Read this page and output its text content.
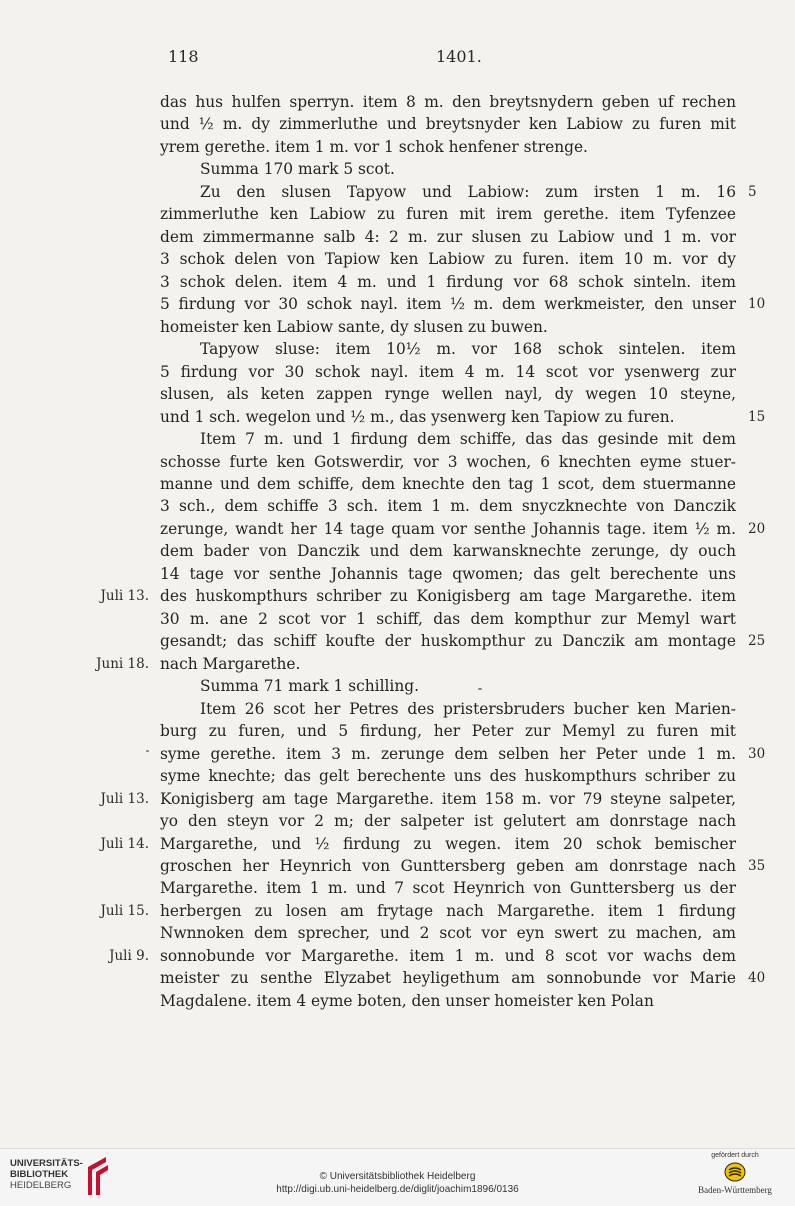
118	1401.
das hus hulfen sperryn. item 8 m. den breytsnydern geben uf rechen
und ½ m. dy zimmerluthe und breytsnyder ken Labiow zu furen mit
yrem gerethe. item 1 m. vor 1 schok henfener strenge.
Summa 170 mark 5 scot.
Zu den slusen Tapyow und Labiow: zum irsten 1 m. 16 5
zimmerluthe ken Labiow zu furen mit irem gerethe. item Tyfenzee
dem zimmermanne salb 4: 2 m. zur slusen zu Labiow und 1 m. vor
3 schok delen von Tapiow ken Labiow zu furen. item 10 m. vor dy
3 schok delen. item 4 m. und 1 firdung vor 68 schok sinteln. item
5 firdung vor 30 schok nayl. item ½ m. dem werkmeister, den unser 10
homeister ken Labiow sante, dy slusen zu buwen.
Tapyow sluse: item 10½ m. vor 168 schok sintelen. item
5 firdung vor 30 schok nayl. item 4 m. 14 scot vor ysenwerg zur
slusen, als keten zappen rynge wellen nayl, dy wegen 10 steyne,
und 1 sch. wegelon und ½ m., das ysenwerg ken Tapiow zu furen.	15
Item 7 m. und 1 firdung dem schiffe, das das gesinde mit dem
schosse furte ken Gotswerdir, vor 3 wochen, 6 knechten eyme stuer-
manne und dem schiffe, dem knechte den tag 1 scot, dem stuermanne
3 sch., dem schiffe 3 sch. item 1 m. dem snyczknechte von Danczik
zerunge, wandt her 14 tage quam vor senthe Johannis tage. item ½ m. 20
dem bader von Danczik und dem karwansknechte zerunge, dy ouch
14 tage vor senthe Johannis tage qwomen; das gelt berechente uns
des huskompthurs schriber zu Konigisberg am tage Margarethe. item
Juli 13.
30 m. ane 2 scot vor 1 schiff, das dem kompthur zur Memyl wart
gesandt; das schiff koufte der huskompthur zu Danczik am montage 25
nach Margarethe.
Juni 18.
Summa 71 mark 1 schilling.
Item 26 scot her Petres des pristersbruders bucher ken Marien-
burg zu furen, und 5 firdung, her Peter zur Memyl zu furen mit
syme gerethe. item 3 m. zerunge dem selben her Peter unde 1 m. 30
syme knechte; das gelt berechente uns des huskompthurs schriber zu
Konigisberg am tage Margarethe. item 158 m. vor 79 steyne salpeter,
Juli 13.
yo den steyn vor 2 m; der salpeter ist gelutert am donrstage nach
Margarethe, und ½ firdung zu wegen. item 20 schok bemischer
Juli 14.
groschen her Heynrich von Gunttersberg geben am donrstage nach 35
Margarethe. item 1 m. und 7 scot Heynrich von Gunttersberg us der
herbergen zu losen am frytage nach Margarethe. item 1 firdung
Juli 15.
Nwnnoken dem sprecher, und 2 scot vor eyn swert zu machen, am
sonnobunde vor Margarethe. item 1 m. und 8 scot vor wachs dem
Juli 9.
meister zu senthe Elyzabet heyligethum am sonnobunde vor Marie 40
Magdalene. item 4 eyme boten, den unser homeister ken Polan
UNIVERSITÄTS-
BIBLIOTHEK
HEIDELBERG
© Universitätsbibliothek Heidelberg
http://digi.ub.uni-heidelberg.de/diglit/joachim1896/0136
gefördert durch
Baden-Württemberg
